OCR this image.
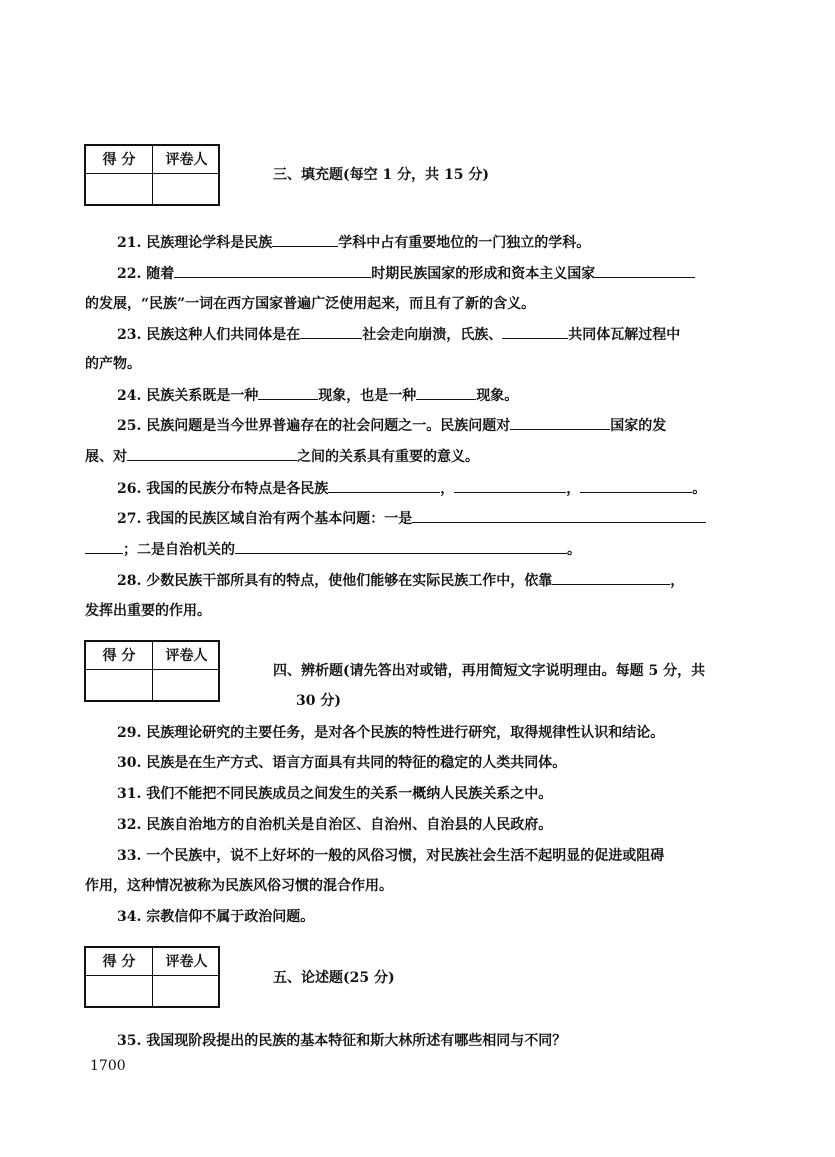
得 分	评卷人
三、填充题(每空 1 分，共 15 分)
21. 民族理论学科是民族	学科中占有重要地位的一门独立的学科。
22. 随着	时期民族国家的形成和资本主义国家
的发展，“民族”一词在西方国家普遍广泛使用起来，而且有了新的含义。
23. 民族这种人们共同体是在	社会走向崩溃，氏族、	共同体瓦解过程中
的产物。
24. 民族关系既是一种	现象，也是一种	现象。
25. 民族问题是当今世界普遍存在的社会问题之一。民族问题对	国家的发
展、对	之间的关系具有重要的意义。
26. 我国的民族分布特点是各民族	，	，	。
27. 我国的民族区域自治有两个基本问题：一是
；二是自治机关的	。
28. 少数民族干部所具有的特点，使他们能够在实际民族工作中，依靠	，
发挥出重要的作用。
得 分	评卷人
四、辨析题(请先答出对或错，再用简短文字说明理由。每题 5 分，共
30 分)
29. 民族理论研究的主要任务，是对各个民族的特性进行研究，取得规律性认识和结论。
30. 民族是在生产方式、语言方面具有共同的特征的稳定的人类共同体。
31. 我们不能把不同民族成员之间发生的关系一概纳人民族关系之中。
32. 民族自治地方的自治机关是自治区、自治州、自治县的人民政府。
33. 一个民族中，说不上好坏的一般的风俗习惯，对民族社会生活不起明显的促进或阻碍
作用，这种情况被称为民族风俗习惯的混合作用。
34. 宗教信仰不属于政治问题。
得 分	评卷人
五、论述题(25 分)
35. 我国现阶段提出的民族的基本特征和斯大林所述有哪些相同与不同？
1700
